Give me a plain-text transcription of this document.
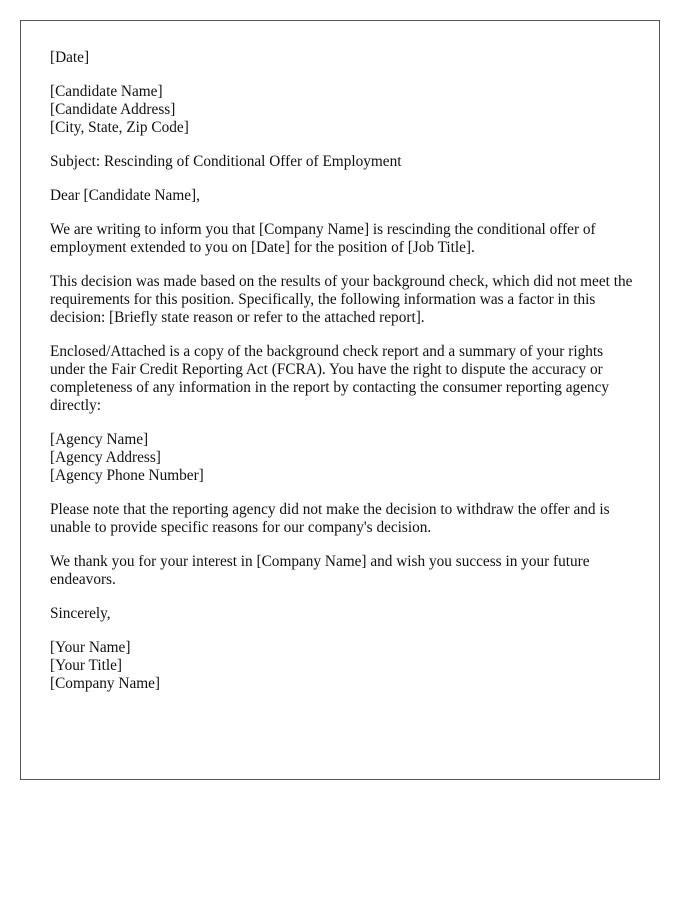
[Date]

[Candidate Name]
[Candidate Address]
[City, State, Zip Code]

Subject: Rescinding of Conditional Offer of Employment

Dear [Candidate Name],

We are writing to inform you that [Company Name] is rescinding the conditional offer of employment extended to you on [Date] for the position of [Job Title].

This decision was made based on the results of your background check, which did not meet the requirements for this position. Specifically, the following information was a factor in this decision: [Briefly state reason or refer to the attached report].

Enclosed/Attached is a copy of the background check report and a summary of your rights under the Fair Credit Reporting Act (FCRA). You have the right to dispute the accuracy or completeness of any information in the report by contacting the consumer reporting agency directly:

[Agency Name]
[Agency Address]
[Agency Phone Number]

Please note that the reporting agency did not make the decision to withdraw the offer and is unable to provide specific reasons for our company's decision.

We thank you for your interest in [Company Name] and wish you success in your future endeavors.

Sincerely,

[Your Name]
[Your Title]
[Company Name]
